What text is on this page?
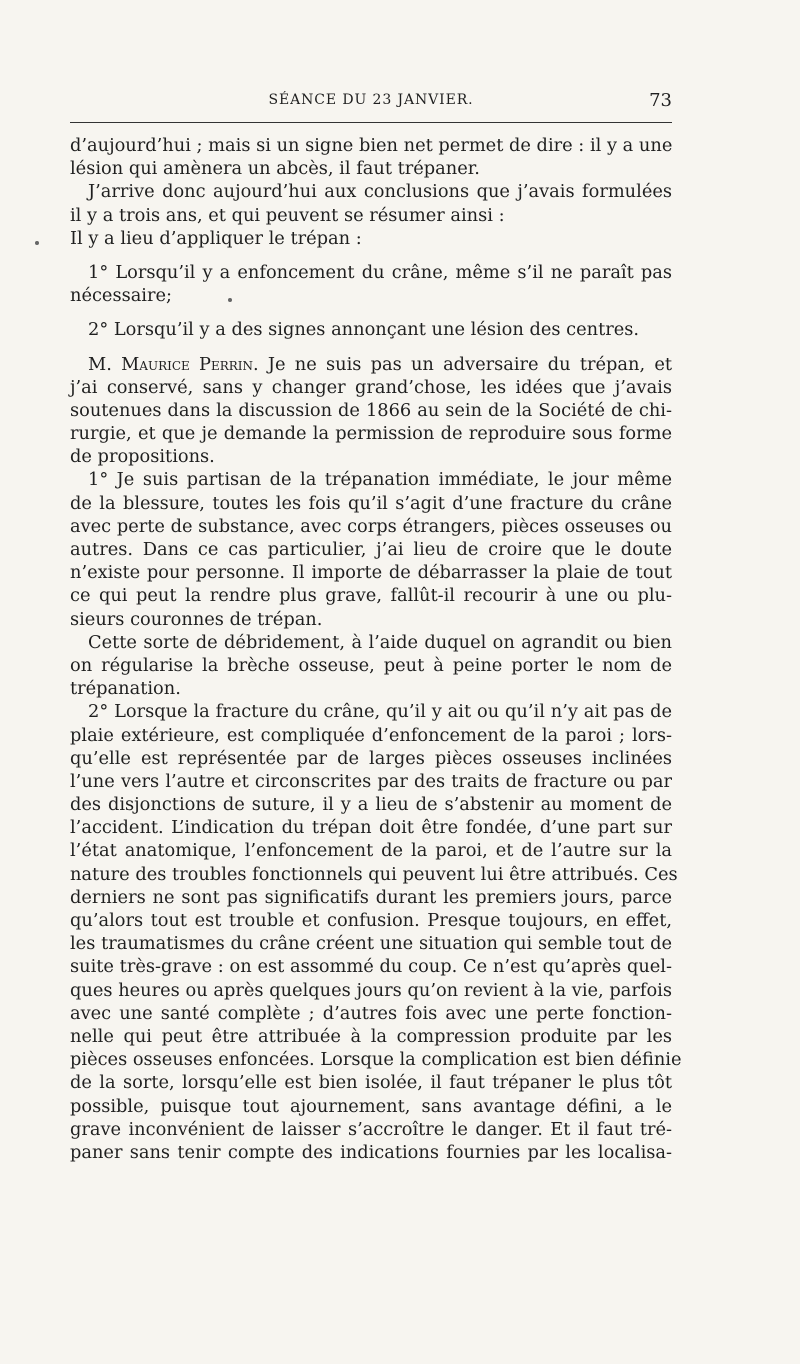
SÉANCE DU 23 JANVIER.	73
d’aujourd’hui ; mais si un signe bien net permet de dire : il y a une
lésion qui amènera un abcès, il faut trépaner.
J’arrive donc aujourd’hui aux conclusions que j’avais formulées
il y a trois ans, et qui peuvent se résumer ainsi :
Il y a lieu d’appliquer le trépan :
1° Lorsqu’il y a enfoncement du crâne, même s’il ne paraît pas
nécessaire;
2° Lorsqu’il y a des signes annonçant une lésion des centres.
M. Maurice Perrin. Je ne suis pas un adversaire du trépan, et
j’ai conservé, sans y changer grand’chose, les idées que j’avais
soutenues dans la discussion de 1866 au sein de la Société de chi-
rurgie, et que je demande la permission de reproduire sous forme
de propositions.
1° Je suis partisan de la trépanation immédiate, le jour même
de la blessure, toutes les fois qu’il s’agit d’une fracture du crâne
avec perte de substance, avec corps étrangers, pièces osseuses ou
autres. Dans ce cas particulier, j’ai lieu de croire que le doute
n’existe pour personne. Il importe de débarrasser la plaie de tout
ce qui peut la rendre plus grave, fallût-il recourir à une ou plu-
sieurs couronnes de trépan.
Cette sorte de débridement, à l’aide duquel on agrandit ou bien
on régularise la brèche osseuse, peut à peine porter le nom de
trépanation.
2° Lorsque la fracture du crâne, qu’il y ait ou qu’il n’y ait pas de
plaie extérieure, est compliquée d’enfoncement de la paroi ; lors-
qu’elle est représentée par de larges pièces osseuses inclinées
l’une vers l’autre et circonscrites par des traits de fracture ou par
des disjonctions de suture, il y a lieu de s’abstenir au moment de
l’accident. L’indication du trépan doit être fondée, d’une part sur
l’état anatomique, l’enfoncement de la paroi, et de l’autre sur la
nature des troubles fonctionnels qui peuvent lui être attribués. Ces
derniers ne sont pas significatifs durant les premiers jours, parce
qu’alors tout est trouble et confusion. Presque toujours, en effet,
les traumatismes du crâne créent une situation qui semble tout de
suite très-grave : on est assommé du coup. Ce n’est qu’après quel-
ques heures ou après quelques jours qu’on revient à la vie, parfois
avec une santé complète ; d’autres fois avec une perte fonction-
nelle qui peut être attribuée à la compression produite par les
pièces osseuses enfoncées. Lorsque la complication est bien définie
de la sorte, lorsqu’elle est bien isolée, il faut trépaner le plus tôt
possible, puisque tout ajournement, sans avantage défini, a le
grave inconvénient de laisser s’accroître le danger. Et il faut tré-
paner sans tenir compte des indications fournies par les localisa-
